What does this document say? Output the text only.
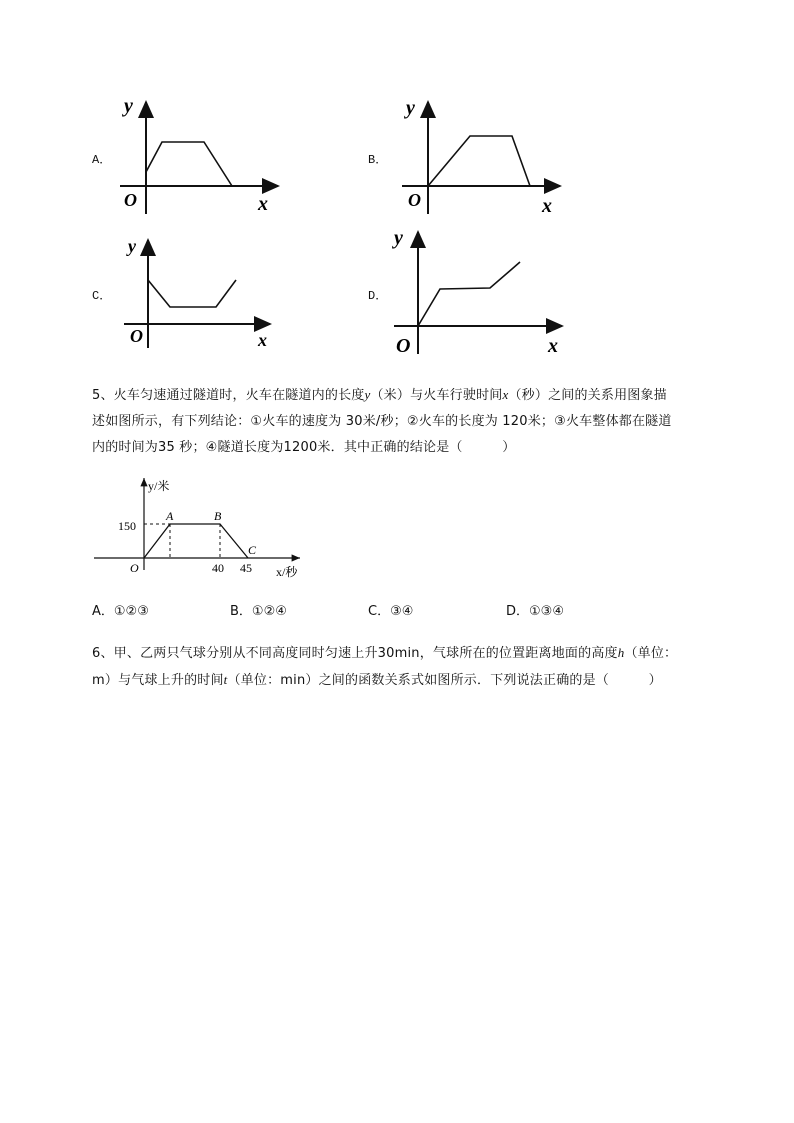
A．
y
x
O
B．
y
x
O
C．
y
x
O
D．
y
x
O

5、火车匀速通过隧道时，火车在隧道内的长度y（米）与火车行驶时间x（秒）之间的关系用图象描

述如图所示，有下列结论：①火车的速度为 30米/秒；②火车的长度为 120米；③火车整体都在隧道

内的时间为35 秒；④隧道长度为1200米．其中正确的结论是（　　　）

y/米
x/秒
O
150
40 45
A	B
C
A．①②③	B．①②④	C．③④	D．①③④

6、甲、乙两只气球分别从不同高度同时匀速上升30min，气球所在的位置距离地面的高度h（单位：

m）与气球上升的时间t（单位：min）之间的函数关系式如图所示．下列说法正确的是（　　　）
